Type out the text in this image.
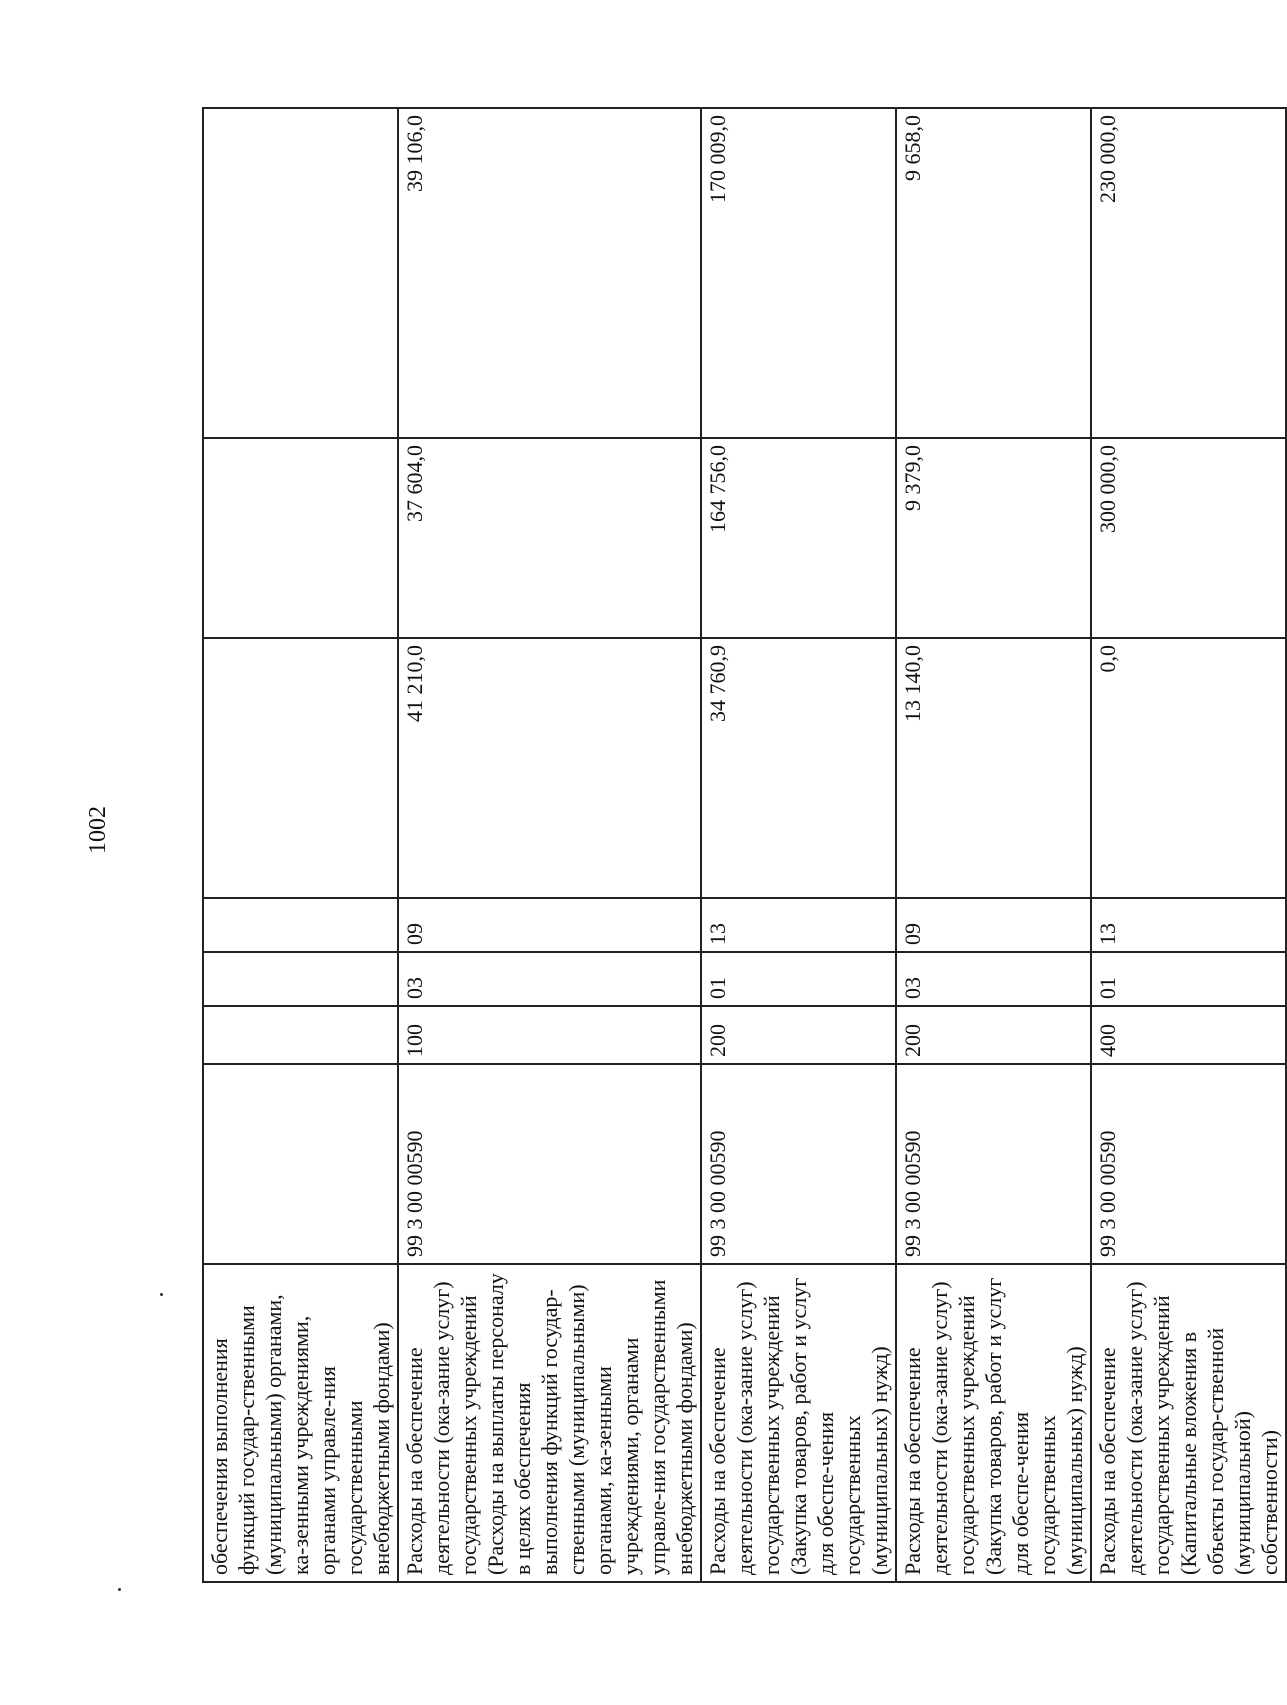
1002
обеспечения выполнения функций государ-ственными (муниципальными) органами, ка-зенными учреждениями, органами управле-ния государственными внебюджетными фондами)							
Расходы на обеспечение деятельности (ока-зание услуг) государственных учреждений (Расходы на выплаты персоналу в целях обеспечения выполнения функций государ-ственными (муниципальными) органами, ка-зенными учреждениями, органами управле-ния государственными внебюджетными фондами)	99 3 00 00590	100	03	09	41 210,0	37 604,0	39 106,0
Расходы на обеспечение деятельности (ока-зание услуг) государственных учреждений (Закупка товаров, работ и услуг для обеспе-чения государственных (муниципальных) нужд)	99 3 00 00590	200	01	13	34 760,9	164 756,0	170 009,0
Расходы на обеспечение деятельности (ока-зание услуг) государственных учреждений (Закупка товаров, работ и услуг для обеспе-чения государственных (муниципальных) нужд)	99 3 00 00590	200	03	09	13 140,0	9 379,0	9 658,0
Расходы на обеспечение деятельности (ока-зание услуг) государственных учреждений (Капитальные вложения в объекты государ-ственной (муниципальной) собственности)	99 3 00 00590	400	01	13	0,0	300 000,0	230 000,0
